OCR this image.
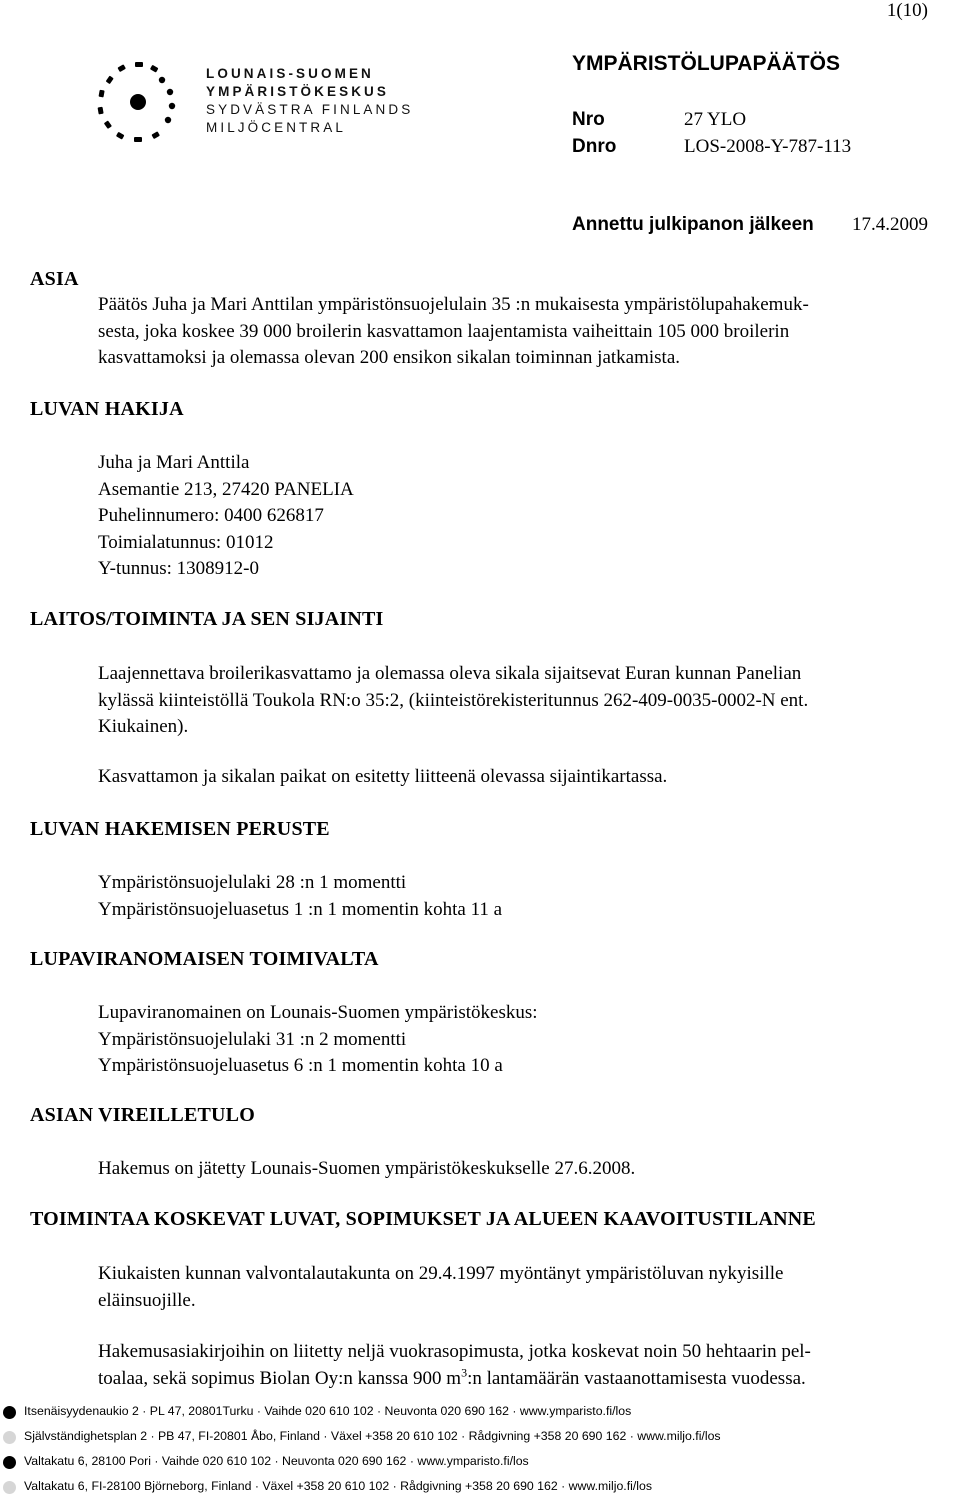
1(10)
LOUNAIS-SUOMEN
YMPÄRISTÖKESKUS
SYDVÄSTRA FINLANDS
MILJÖCENTRAL
YMPÄRISTÖLUPAPÄÄTÖS
Nro	27 YLO
Dnro	LOS-2008-Y-787-113
Annettu julkipanon jälkeen 17.4.2009
ASIA

Päätös Juha ja Mari Anttilan ympäristönsuojelulain 35 :n mukaisesta ympäristölupahakemuk-

sesta, joka koskee 39 000 broilerin kasvattamon laajentamista vaiheittain 105 000 broilerin

kasvattamoksi ja olemassa olevan 200 ensikon sikalan toiminnan jatkamista.

LUVAN HAKIJA

Juha ja Mari Anttila

Asemantie 213, 27420 PANELIA

Puhelinnumero: 0400 626817

Toimialatunnus: 01012

Y-tunnus: 1308912-0

LAITOS/TOIMINTA JA SEN SIJAINTI

Laajennettava broilerikasvattamo ja olemassa oleva sikala sijaitsevat Euran kunnan Panelian

kylässä kiinteistöllä Toukola RN:o 35:2, (kiinteistörekisteritunnus 262-409-0035-0002-N ent.

Kiukainen).

Kasvattamon ja sikalan paikat on esitetty liitteenä olevassa sijaintikartassa.
LUVAN HAKEMISEN PERUSTE

Ympäristönsuojelulaki 28 :n 1 momentti

Ympäristönsuojeluasetus 1 :n 1 momentin kohta 11 a

LUPAVIRANOMAISEN TOIMIVALTA

Lupaviranomainen on Lounais-Suomen ympäristökeskus:

Ympäristönsuojelulaki 31 :n 2 momentti

Ympäristönsuojeluasetus 6 :n 1 momentin kohta 10 a

ASIAN VIREILLETULO
Hakemus on jätetty Lounais-Suomen ympäristökeskukselle 27.6.2008.
TOIMINTAA KOSKEVAT LUVAT, SOPIMUKSET JA ALUEEN KAAVOITUSTILANNE

Kiukaisten kunnan valvontalautakunta on 29.4.1997 myöntänyt ympäristöluvan nykyisille

eläinsuojille.

Hakemusasiakirjoihin on liitetty neljä vuokrasopimusta, jotka koskevat noin 50 hehtaarin pel-

toalaa, sekä sopimus Biolan Oy:n kanssa 900 $m^3:n$ lantamäärän vastaanottamisesta vuodessa.

Itsenäisyydenaukio 2 · PL 47, 20801Turku · Vaihde 020 610 102 · Neuvonta 020 690 162 · www.ymparisto.fi/los
Självständighetsplan 2 · PB 47, FI-20801 Åbo, Finland · Växel +358 20 610 102 · Rådgivning +358 20 690 162 · www.miljo.fi/los
Valtakatu 6, 28100 Pori · Vaihde 020 610 102 · Neuvonta 020 690 162 · www.ymparisto.fi/los
Valtakatu 6, FI-28100 Björneborg, Finland · Växel +358 20 610 102 · Rådgivning +358 20 690 162 · www.miljo.fi/los
